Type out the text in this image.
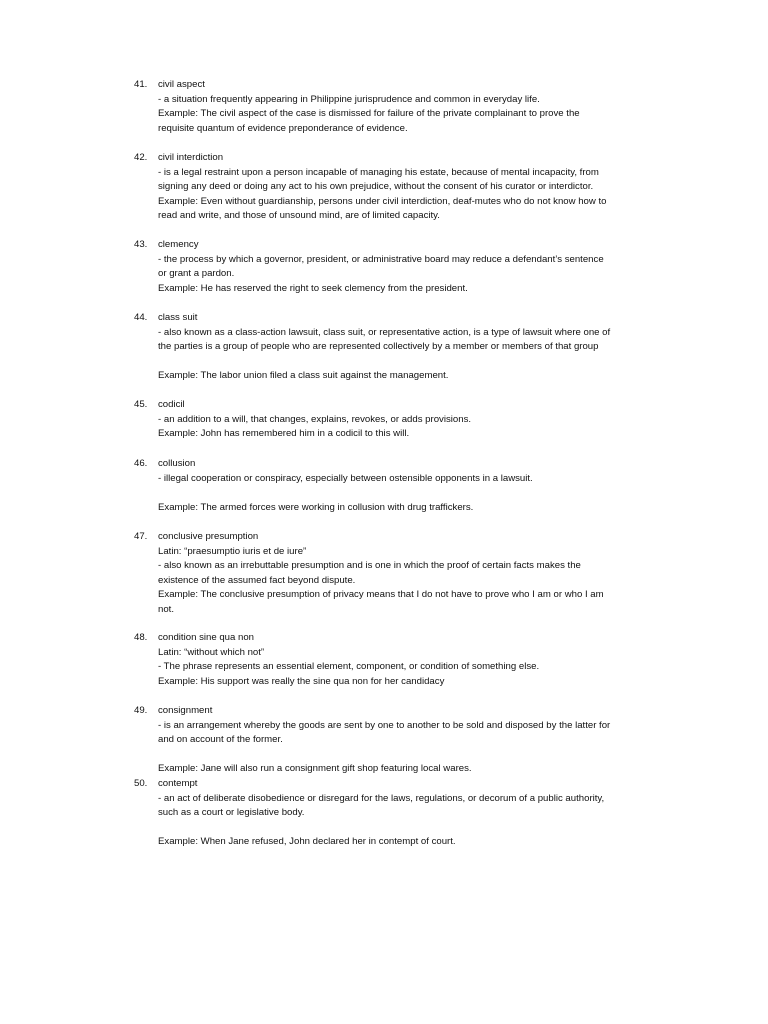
41. civil aspect
- a situation frequently appearing in Philippine jurisprudence and common in everyday life.
Example: The civil aspect of the case is dismissed for failure of the private complainant to prove the
requisite quantum of evidence preponderance of evidence.
42. civil interdiction
- is a legal restraint upon a person incapable of managing his estate, because of mental incapacity, from
signing any deed or doing any act to his own prejudice, without the consent of his curator or interdictor.
Example: Even without guardianship, persons under civil interdiction, deaf-mutes who do not know how to
read and write, and those of unsound mind, are of limited capacity.
43. clemency
- the process by which a governor, president, or administrative board may reduce a defendant’s sentence
or grant a pardon.
Example: He has reserved the right to seek clemency from the president.
44. class suit
- also known as a class-action lawsuit, class suit, or representative action, is a type of lawsuit where one of
the parties is a group of people who are represented collectively by a member or members of that group
Example: The labor union filed a class suit against the management.
45. codicil
- an addition to a will, that changes, explains, revokes, or adds provisions.
Example: John has remembered him in a codicil to this will.
46. collusion
- illegal cooperation or conspiracy, especially between ostensible opponents in a lawsuit.
Example: The armed forces were working in collusion with drug traffickers.
47. conclusive presumption
Latin: “praesumptio iuris et de iure”
- also known as an irrebuttable presumption and is one in which the proof of certain facts makes the
existence of the assumed fact beyond dispute.
Example: The conclusive presumption of privacy means that I do not have to prove who I am or who I am
not.
48. condition sine qua non
Latin: “without which not”
- The phrase represents an essential element, component, or condition of something else.
Example: His support was really the sine qua non for her candidacy
49. consignment
- is an arrangement whereby the goods are sent by one to another to be sold and disposed by the latter for
and on account of the former.
Example: Jane will also run a consignment gift shop featuring local wares.
50. contempt
- an act of deliberate disobedience or disregard for the laws, regulations, or decorum of a public authority,
such as a court or legislative body.
Example: When Jane refused, John declared her in contempt of court.
